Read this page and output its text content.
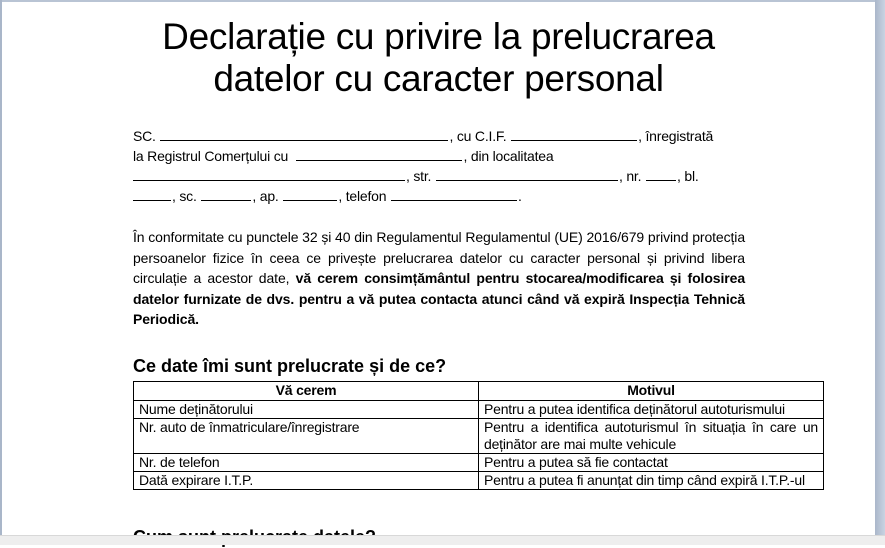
Declarație cu privire la prelucrarea
datelor cu caracter personal
SC.	, cu C.I.F.	, înregistrată
la Registrul Comerțului cu	, din localitatea
, str.	, nr.	, bl.
, sc.	, ap.	, telefon	.
În conformitate cu punctele 32 și 40 din Regulamentul Regulamentul (UE) 2016/679 privind protecția persoanelor fizice în ceea ce privește prelucrarea datelor cu caracter personal și privind libera circulație a acestor date, vă cerem consimțământul pentru stocarea/modificarea și folosirea datelor furnizate de dvs. pentru a vă putea contacta atunci când vă expiră Inspecția Tehnică Periodică.
Ce date îmi sunt prelucrate și de ce?
Vă cerem	Motivul
Nume deținătorului	Pentru a putea identifica deținătorul autoturismului
Nr. auto de înmatriculare/înregistrare	Pentru a identifica autoturismul în situația în care un deținător are mai multe vehicule
Nr. de telefon	Pentru a putea să fie contactat
Dată expirare I.T.P.	Pentru a putea fi anunțat din timp când expiră I.T.P.-ul
